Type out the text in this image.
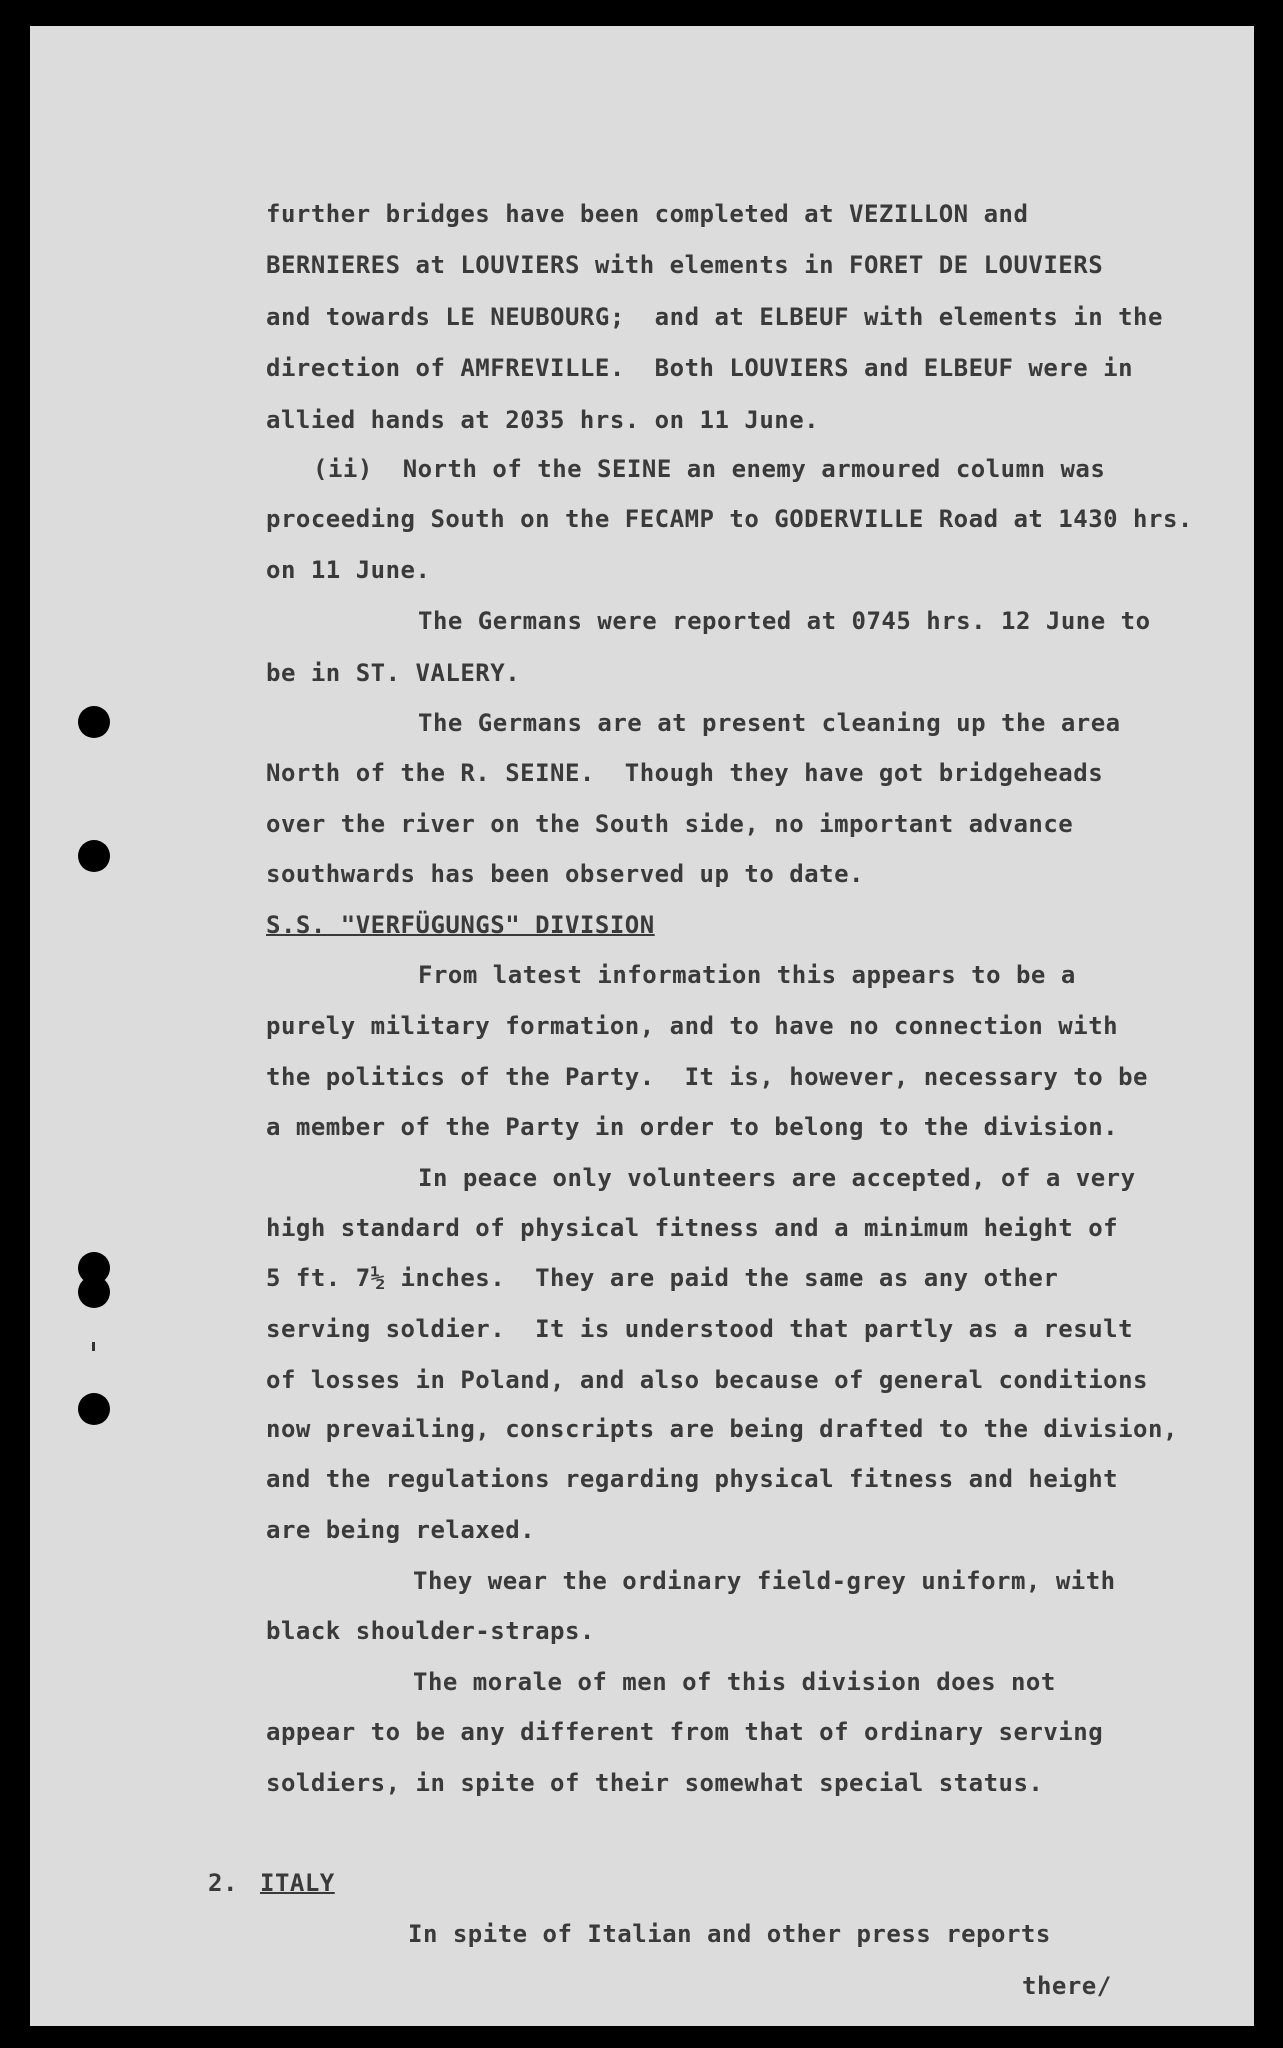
further bridges have been completed at VEZILLON and
BERNIERES at LOUVIERS with elements in FORET DE LOUVIERS
and towards LE NEUBOURG;  and at ELBEUF with elements in the
direction of AMFREVILLE.  Both LOUVIERS and ELBEUF were in
allied hands at 2035 hrs. on 11 June.
(ii)  North of the SEINE an enemy armoured column was
proceeding South on the FECAMP to GODERVILLE Road at 1430 hrs.
on 11 June.
The Germans were reported at 0745 hrs. 12 June to
be in ST. VALERY.
The Germans are at present cleaning up the area
North of the R. SEINE.  Though they have got bridgeheads
over the river on the South side, no important advance
southwards has been observed up to date.
S.S. "VERFÜGUNGS" DIVISION
From latest information this appears to be a
purely military formation, and to have no connection with
the politics of the Party.  It is, however, necessary to be
a member of the Party in order to belong to the division.
In peace only volunteers are accepted, of a very
high standard of physical fitness and a minimum height of
5 ft. 7½ inches.  They are paid the same as any other
serving soldier.  It is understood that partly as a result
of losses in Poland, and also because of general conditions
now prevailing, conscripts are being drafted to the division,
and the regulations regarding physical fitness and height
are being relaxed.
They wear the ordinary field-grey uniform, with
black shoulder-straps.
The morale of men of this division does not
appear to be any different from that of ordinary serving
soldiers, in spite of their somewhat special status.
2. ITALY
In spite of Italian and other press reports
there/
